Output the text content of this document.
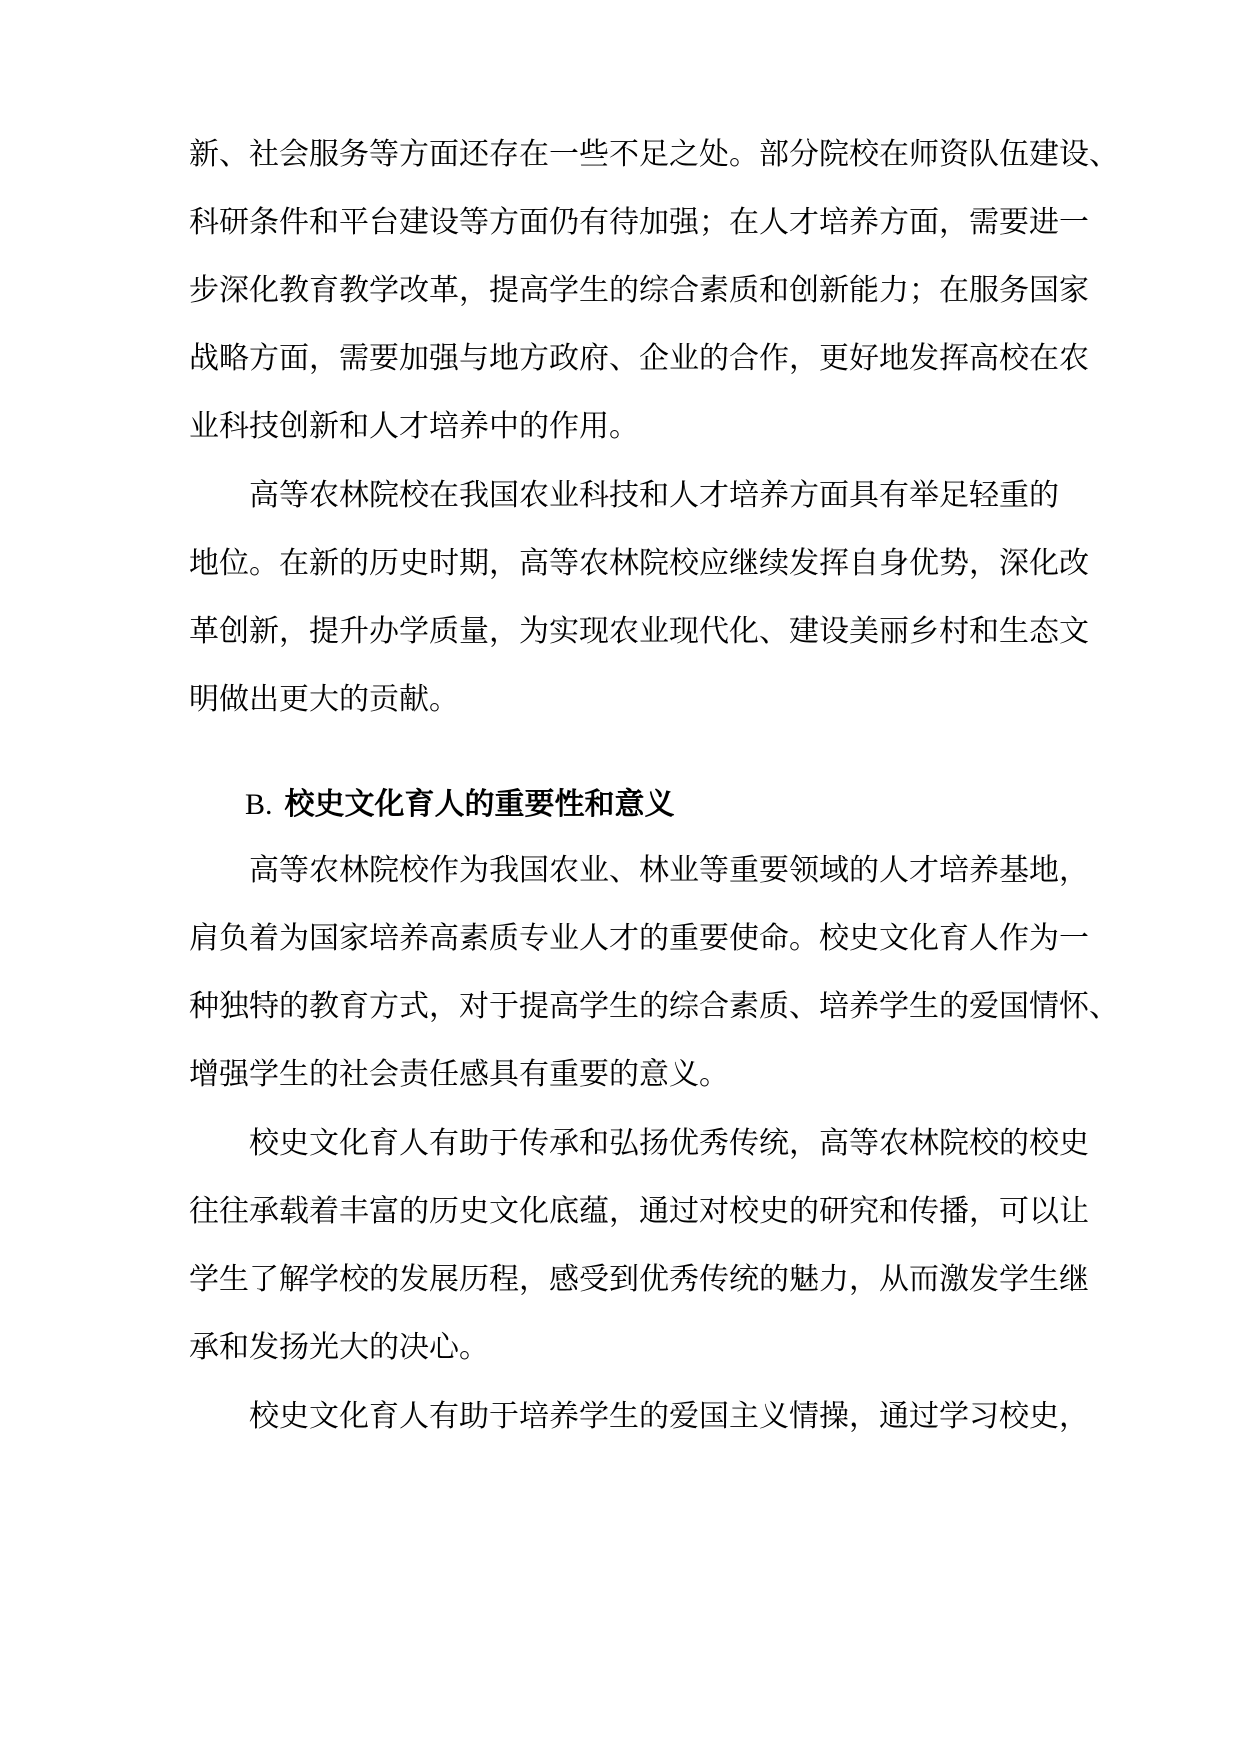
新、社会服务等方面还存在一些不足之处。部分院校在师资队伍建设、
科研条件和平台建设等方面仍有待加强；在人才培养方面，需要进一
步深化教育教学改革，提高学生的综合素质和创新能力；在服务国家
战略方面，需要加强与地方政府、企业的合作，更好地发挥高校在农
业科技创新和人才培养中的作用。
高等农林院校在我国农业科技和人才培养方面具有举足轻重的
地位。在新的历史时期，高等农林院校应继续发挥自身优势，深化改
革创新，提升办学质量，为实现农业现代化、建设美丽乡村和生态文
明做出更大的贡献。
B. 校史文化育人的重要性和意义
高等农林院校作为我国农业、林业等重要领域的人才培养基地，
肩负着为国家培养高素质专业人才的重要使命。校史文化育人作为一
种独特的教育方式，对于提高学生的综合素质、培养学生的爱国情怀、
增强学生的社会责任感具有重要的意义。
校史文化育人有助于传承和弘扬优秀传统，高等农林院校的校史
往往承载着丰富的历史文化底蕴，通过对校史的研究和传播，可以让
学生了解学校的发展历程，感受到优秀传统的魅力，从而激发学生继
承和发扬光大的决心。
校史文化育人有助于培养学生的爱国主义情操，通过学习校史，
